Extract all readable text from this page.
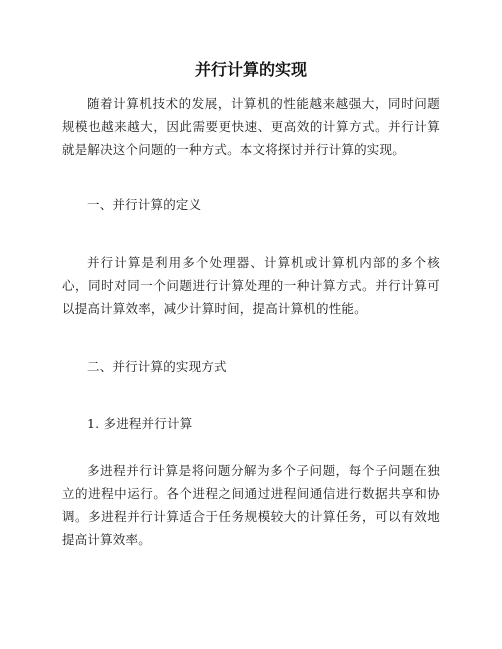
并行计算的实现
随着计算机技术的发展，计算机的性能越来越强大，同时问题规模也越来越大，因此需要更快速、更高效的计算方式。并行计算就是解决这个问题的一种方式。本文将探讨并行计算的实现。
一、并行计算的定义
并行计算是利用多个处理器、计算机或计算机内部的多个核心，同时对同一个问题进行计算处理的一种计算方式。并行计算可以提高计算效率，减少计算时间，提高计算机的性能。
二、并行计算的实现方式
1. 多进程并行计算
多进程并行计算是将问题分解为多个子问题，每个子问题在独立的进程中运行。各个进程之间通过进程间通信进行数据共享和协调。多进程并行计算适合于任务规模较大的计算任务，可以有效地提高计算效率。
